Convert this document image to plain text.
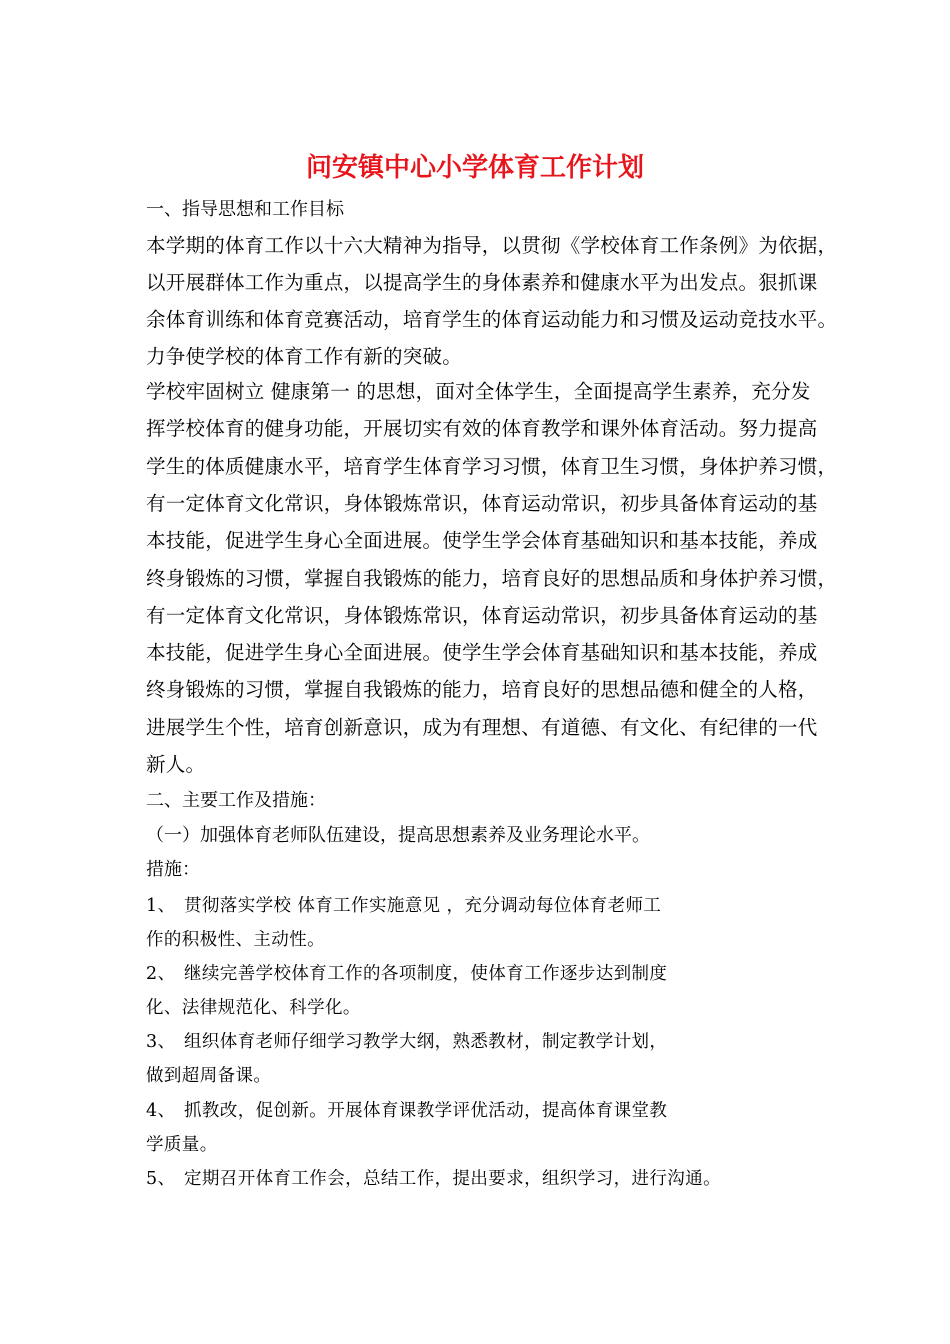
问安镇中心小学体育工作计划
一、指导思想和工作目标
本学期的体育工作以十六大精神为指导，以贯彻《学校体育工作条例》为依据，
以开展群体工作为重点，以提高学生的身体素养和健康水平为出发点。狠抓课
余体育训练和体育竞赛活动，培育学生的体育运动能力和习惯及运动竞技水平。
力争使学校的体育工作有新的突破。
学校牢固树立 健康第一 的思想，面对全体学生，全面提高学生素养，充分发
挥学校体育的健身功能，开展切实有效的体育教学和课外体育活动。努力提高
学生的体质健康水平，培育学生体育学习习惯，体育卫生习惯，身体护养习惯，
有一定体育文化常识，身体锻炼常识，体育运动常识，初步具备体育运动的基
本技能，促进学生身心全面进展。使学生学会体育基础知识和基本技能，养成
终身锻炼的习惯，掌握自我锻炼的能力，培育良好的思想品质和身体护养习惯，
有一定体育文化常识，身体锻炼常识，体育运动常识，初步具备体育运动的基
本技能，促进学生身心全面进展。使学生学会体育基础知识和基本技能，养成
终身锻炼的习惯，掌握自我锻炼的能力，培育良好的思想品德和健全的人格，
进展学生个性，培育创新意识，成为有理想、有道德、有文化、有纪律的一代
新人。
二、主要工作及措施：
（一）加强体育老师队伍建设，提高思想素养及业务理论水平。
措施：
1、 贯彻落实学校 体育工作实施意见 ，充分调动每位体育老师工
作的积极性、主动性。
2、 继续完善学校体育工作的各项制度，使体育工作逐步达到制度
化、法律规范化、科学化。
3、 组织体育老师仔细学习教学大纲，熟悉教材，制定教学计划，
做到超周备课。
4、 抓教改，促创新。开展体育课教学评优活动，提高体育课堂教
学质量。
5、 定期召开体育工作会，总结工作，提出要求，组织学习，进行沟通。
